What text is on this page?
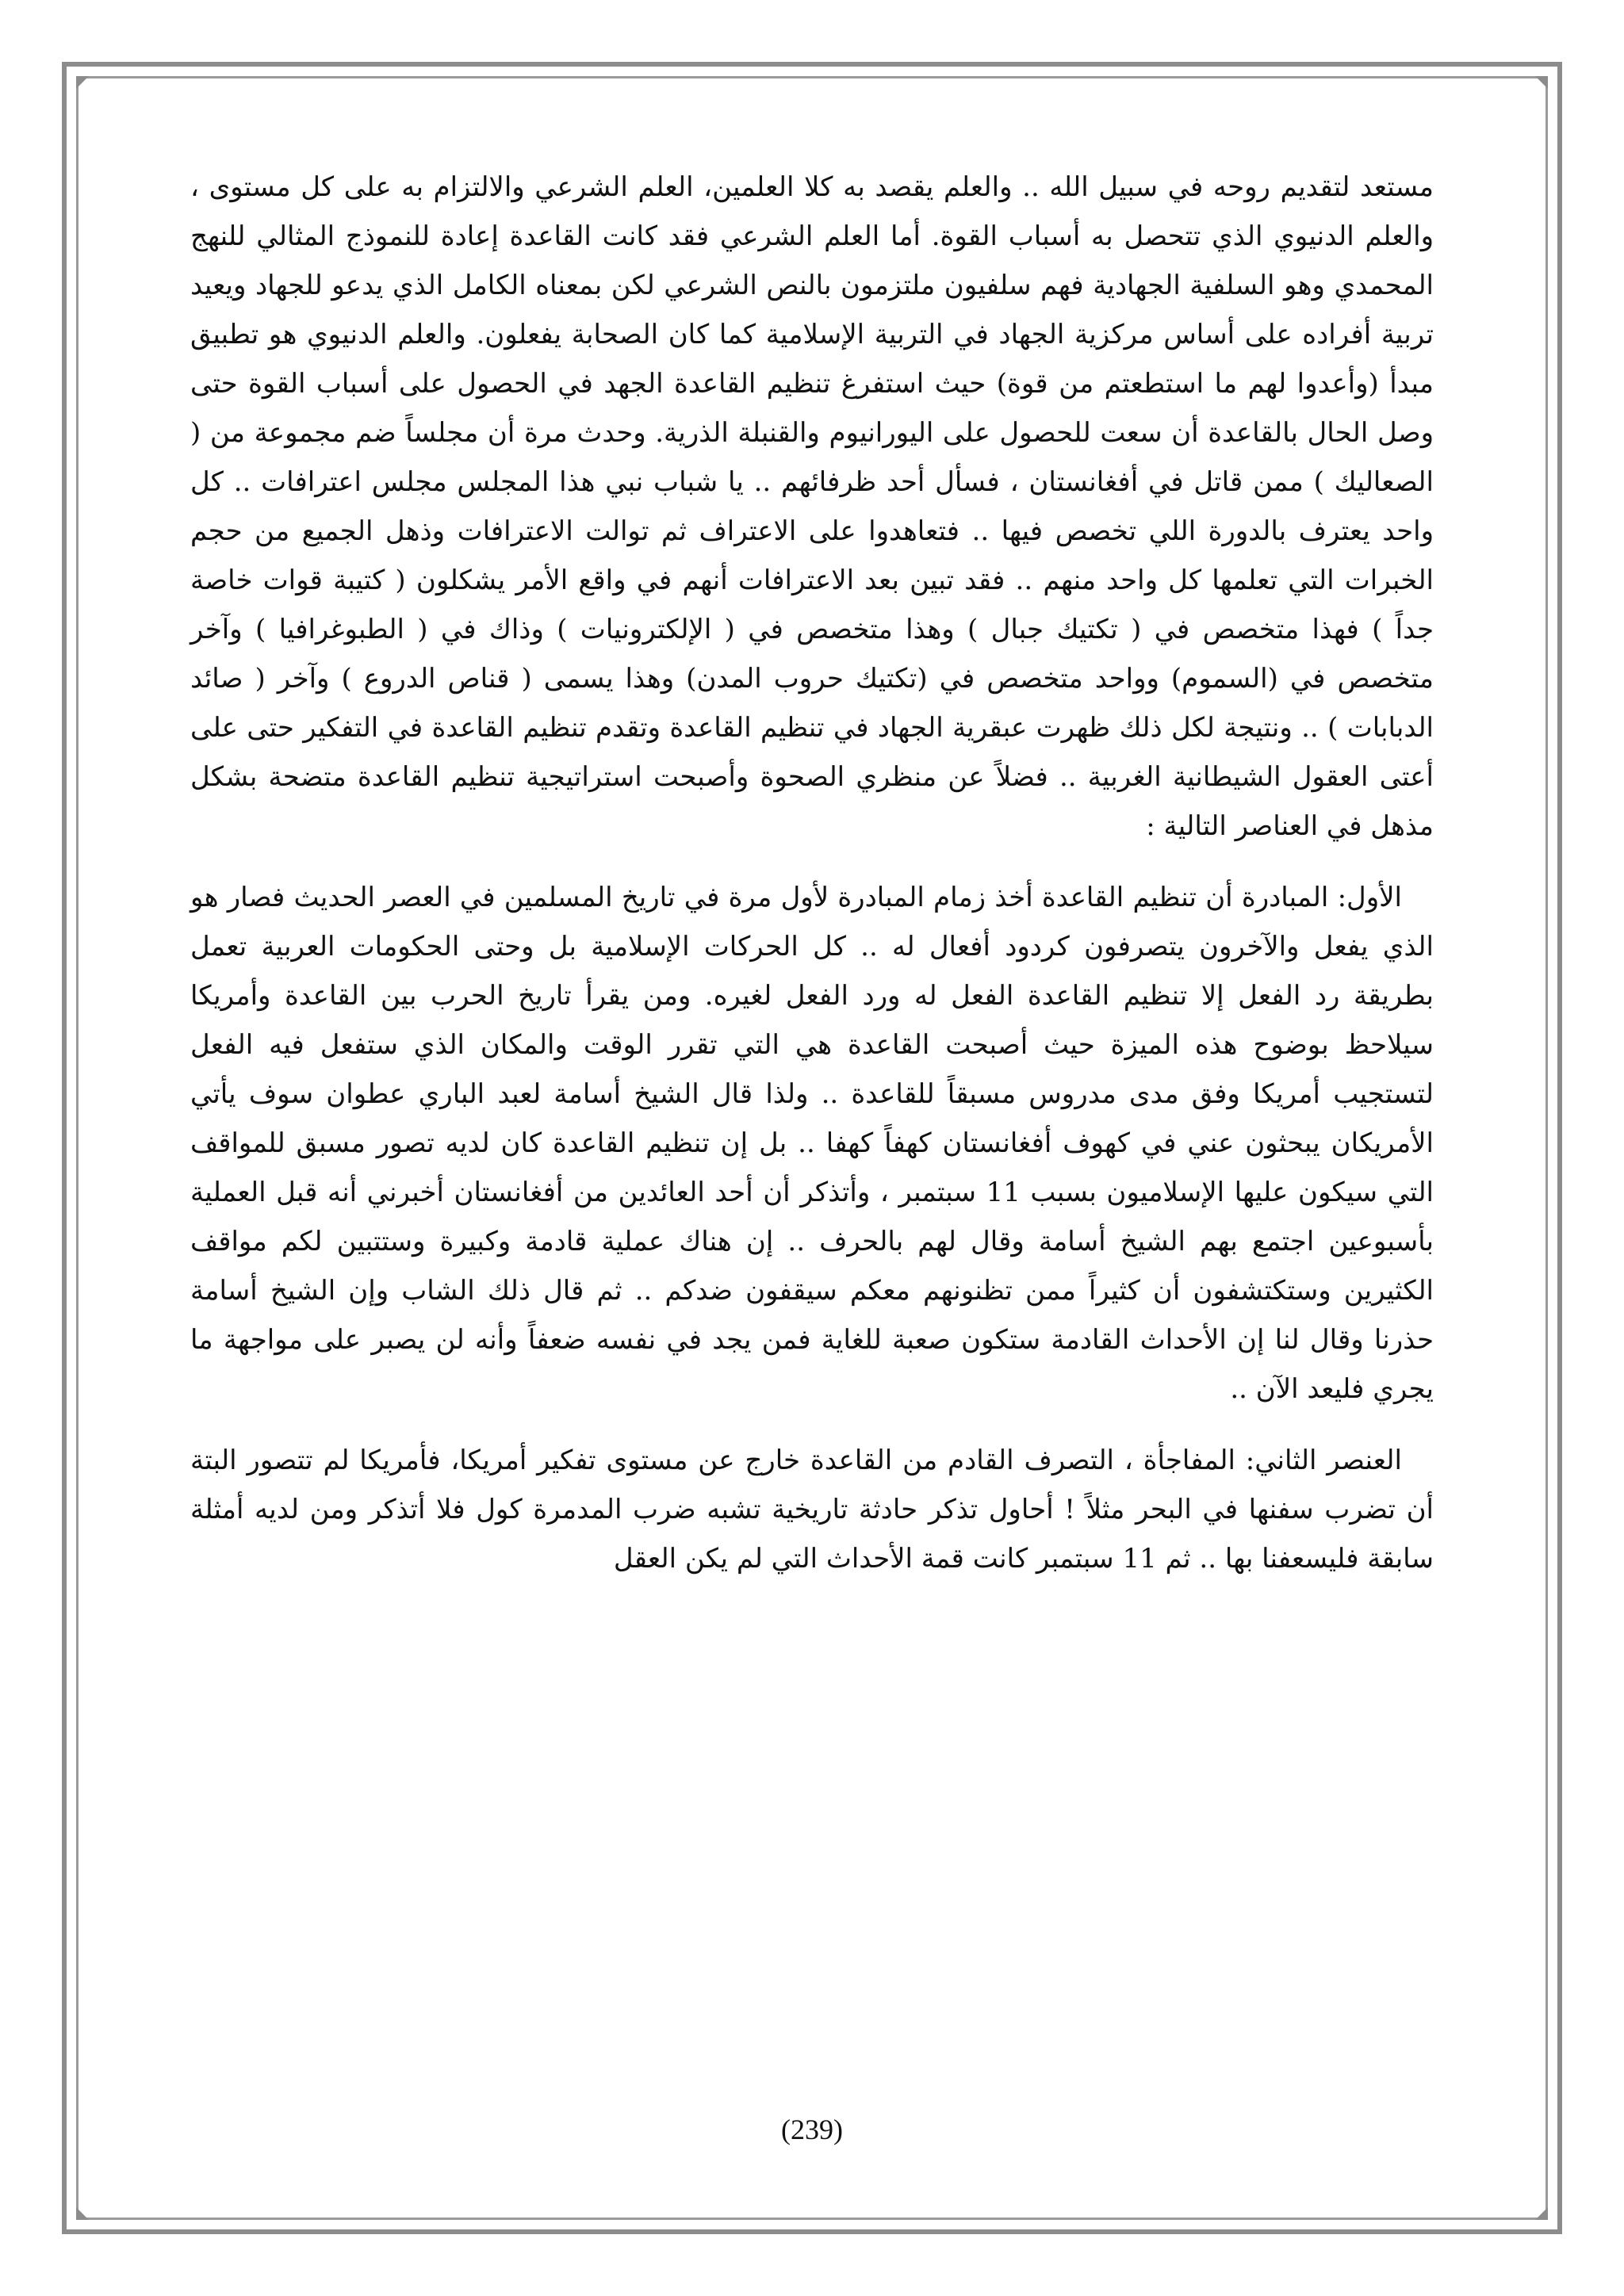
مستعد لتقديم روحه في سبيل الله .. والعلم يقصد به كلا العلمين، العلم الشرعي والالتزام به على كل مستوى ، والعلم الدنيوي الذي تتحصل به أسباب القوة. أما العلم الشرعي فقد كانت القاعدة إعادة للنموذج المثالي للنهج المحمدي وهو السلفية الجهادية فهم سلفيون ملتزمون بالنص الشرعي لكن بمعناه الكامل الذي يدعو للجهاد ويعيد تربية أفراده على أساس مركزية الجهاد في التربية الإسلامية كما كان الصحابة يفعلون. والعلم الدنيوي هو تطبيق مبدأ (وأعدوا لهم ما استطعتم من قوة) حيث استفرغ تنظيم القاعدة الجهد في الحصول على أسباب القوة حتى وصل الحال بالقاعدة أن سعت للحصول على اليورانيوم والقنبلة الذرية. وحدث مرة أن مجلساً ضم مجموعة من ( الصعاليك ) ممن قاتل في أفغانستان ، فسأل أحد ظرفائهم .. يا شباب نبي هذا المجلس مجلس اعترافات .. كل واحد يعترف بالدورة اللي تخصص فيها .. فتعاهدوا على الاعتراف ثم توالت الاعترافات وذهل الجميع من حجم الخبرات التي تعلمها كل واحد منهم .. فقد تبين بعد الاعترافات أنهم في واقع الأمر يشكلون ( كتيبة قوات خاصة جداً ) فهذا متخصص في ( تكتيك جبال ) وهذا متخصص في ( الإلكترونيات ) وذاك في ( الطبوغرافيا ) وآخر متخصص في (السموم) وواحد متخصص في (تكتيك حروب المدن) وهذا يسمى ( قناص الدروع ) وآخر ( صائد الدبابات ) .. ونتيجة لكل ذلك ظهرت عبقرية الجهاد في تنظيم القاعدة وتقدم تنظيم القاعدة في التفكير حتى على أعتى العقول الشيطانية الغربية .. فضلاً عن منظري الصحوة وأصبحت استراتيجية تنظيم القاعدة متضحة بشكل مذهل في العناصر التالية :

الأول: المبادرة أن تنظيم القاعدة أخذ زمام المبادرة لأول مرة في تاريخ المسلمين في العصر الحديث فصار هو الذي يفعل والآخرون يتصرفون كردود أفعال له .. كل الحركات الإسلامية بل وحتى الحكومات العربية تعمل بطريقة رد الفعل إلا تنظيم القاعدة الفعل له ورد الفعل لغيره. ومن يقرأ تاريخ الحرب بين القاعدة وأمريكا سيلاحظ بوضوح هذه الميزة حيث أصبحت القاعدة هي التي تقرر الوقت والمكان الذي ستفعل فيه الفعل لتستجيب أمريكا وفق مدى مدروس مسبقاً للقاعدة .. ولذا قال الشيخ أسامة لعبد الباري عطوان سوف يأتي الأمريكان يبحثون عني في كهوف أفغانستان كهفاً كهفا .. بل إن تنظيم القاعدة كان لديه تصور مسبق للمواقف التي سيكون عليها الإسلاميون بسبب 11 سبتمبر ، وأتذكر أن أحد العائدين من أفغانستان أخبرني أنه قبل العملية بأسبوعين اجتمع بهم الشيخ أسامة وقال لهم بالحرف .. إن هناك عملية قادمة وكبيرة وستتبين لكم مواقف الكثيرين وستكتشفون أن كثيراً ممن تظنونهم معكم سيقفون ضدكم .. ثم قال ذلك الشاب وإن الشيخ أسامة حذرنا وقال لنا إن الأحداث القادمة ستكون صعبة للغاية فمن يجد في نفسه ضعفاً وأنه لن يصبر على مواجهة ما يجري فليعد الآن ..

العنصر الثاني: المفاجأة ، التصرف القادم من القاعدة خارج عن مستوى تفكير أمريكا، فأمريكا لم تتصور البتة أن تضرب سفنها في البحر مثلاً ! أحاول تذكر حادثة تاريخية تشبه ضرب المدمرة كول فلا أتذكر ومن لديه أمثلة سابقة فليسعفنا بها .. ثم 11 سبتمبر كانت قمة الأحداث التي لم يكن العقل

(239)
